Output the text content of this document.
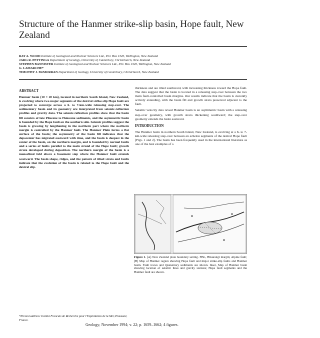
Structure of the Hanmer strike-slip basin, Hope fault, New Zealand
RAY A. WOOD Institute of Geological and Nuclear Sciences Ltd., P.O. Box 1320, Wellington, New Zealand
JARG R. PETTINGA Department of Geology, University of Canterbury, Christchurch, New Zealand
STEPHEN BANNISTER Institute of Geological and Nuclear Sciences Ltd., P.O. Box 1320, Wellington, New Zealand
G. LAMARCHE*
TIMOTHY J. McMORRAN Department of Geology, University of Canterbury, Christchurch, New Zealand
ABSTRACT

Hanmer basin (10 × 20 km), located in northern South Island, New Zealand, is evolving where two major segments of the dextral strike-slip Hope fault are projected to converge across a 6- to 7-km-wide releasing step-over. The sedimentary basin and its geometry are interpreted from seismic-reflection profiles and gravity data. The seismic-reflection profiles show that the basin fill consists of late Pliocene to Holocene sediments, and the asymmetric basin is bounded by the Hope fault on the southern side. Seismic profiles suggest the basin is growing by lengthening in the northern part where the northern margin is controlled by the Hanmer fault. The Hanmer Plain forms a flat surface of the basin; the asymmetry of the basin fill indicates that the depocenter has migrated eastward with time, and the basin is deepest in the center of the basin, on the northern margin, and is bounded by normal faults and a series of faults parallel to the main strand of the Hope fault; growth strata developed during deposition. The northern margin of the basin is a monoclinal fold above a basement step where the Hanmer fault extends westward. The basin shape, ridges, and the pattern of tilted strata and faults indicate that the evolution of the basin is related to the Hope fault and the dextral slip.

thickness and are tilted southward, with increasing thickness toward the Hope fault. The data suggest that the basin is located in a releasing step-over between the two main fault-controlled basin margins. Our results indicate that the basin is currently actively extending, with the basin fill and growth strata preserved adjacent to the fault.

Seismic velocity data reveal Hanmer basin is an asymmetric basin with a releasing step-over geometry, with growth strata thickening southward; the step-over geometry extends the basin eastward.

INTRODUCTION

The Hanmer basin in northern South Island, New Zealand, is evolving at a 6- to 7-km-wide releasing step-over between en echelon segments of the dextral Hope fault (Figs. 1 and 2). The basin has been frequently used in the international literature as one of the best examples of a

Figure 1. (A) New Zealand plate boundary setting. HSL, Hikurangi margin; Alpine fault; (B) Map of Hanmer region showing Hope fault and major strike-slip faults and Hanmer basin. Fault traces and Quaternary sediments are shown. Inset, Map of Hanmer basin showing location of seismic lines and gravity stations; Hope fault segments and the Hanmer fault are shown.
*Present address: Institut Francais de Recherche pour l'Exploitation de la Mer, Plouzané, France.
Geology; November 1994; v. 22; p. 1659–1662; 4 figures.
